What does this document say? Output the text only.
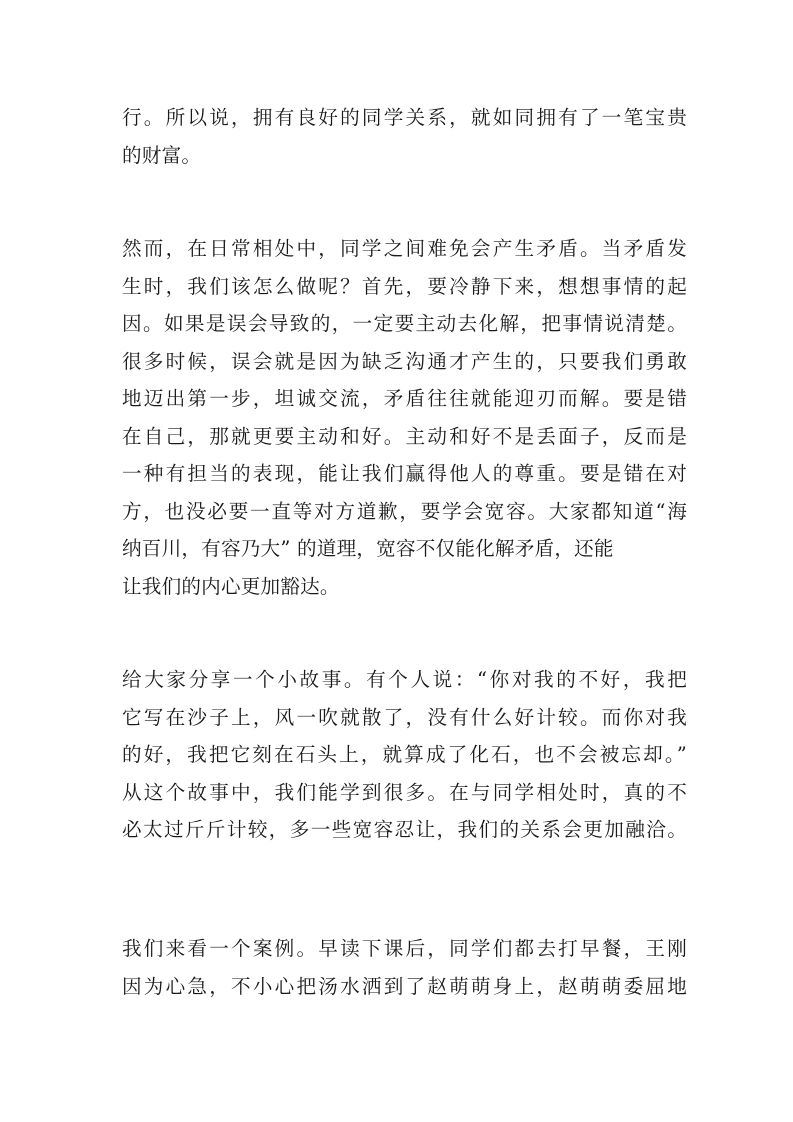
行。所以说，拥有良好的同学关系，就如同拥有了一笔宝贵
的财富。

然而，在日常相处中，同学之间难免会产生矛盾。当矛盾发
生时，我们该怎么做呢？首先，要冷静下来，想想事情的起
因。如果是误会导致的，一定要主动去化解，把事情说清楚。
很多时候，误会就是因为缺乏沟通才产生的，只要我们勇敢
地迈出第一步，坦诚交流，矛盾往往就能迎刃而解。要是错
在自己，那就更要主动和好。主动和好不是丢面子，反而是
一种有担当的表现，能让我们赢得他人的尊重。要是错在对
方，也没必要一直等对方道歉，要学会宽容。大家都知道“海
纳百川，有容乃大” 的道理，宽容不仅能化解矛盾，还能
让我们的内心更加豁达。

给大家分享一个小故事。有个人说：“你对我的不好，我把
它写在沙子上，风一吹就散了，没有什么好计较。而你对我
的好，我把它刻在石头上，就算成了化石，也不会被忘却。”
从这个故事中，我们能学到很多。在与同学相处时，真的不
必太过斤斤计较，多一些宽容忍让，我们的关系会更加融洽。

我们来看一个案例。早读下课后，同学们都去打早餐，王刚
因为心急，不小心把汤水洒到了赵萌萌身上，赵萌萌委屈地
